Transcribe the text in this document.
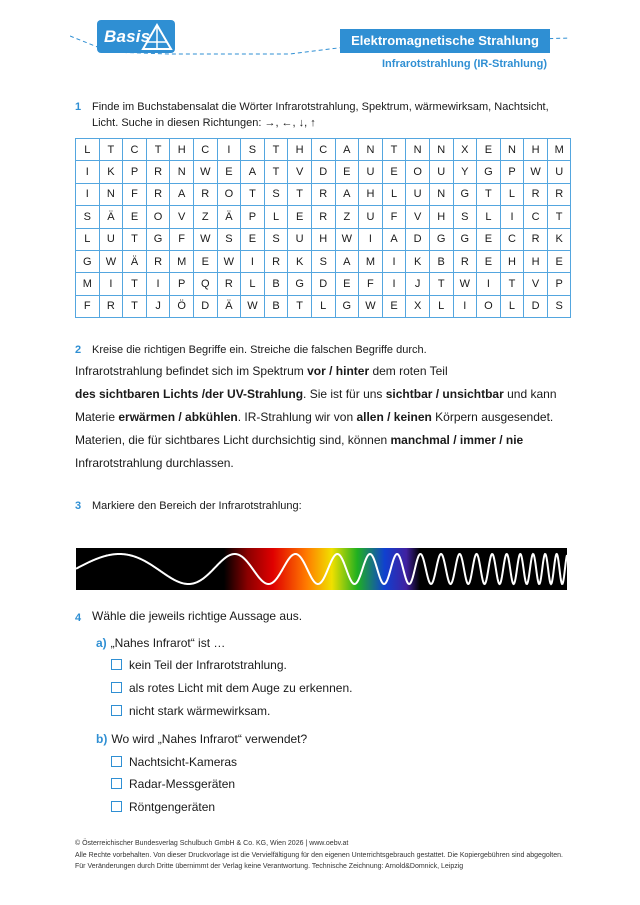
Basis	Elektromagnetische Strahlung
Infrarotstrahlung (IR-Strahlung)
1 Finde im Buchstabensalat die Wörter Infrarotstrahlung, Spektrum, wärmewirksam, Nachtsicht,
Licht. Suche in diesen Richtungen: →, ←, ↓, ↑
L	T	C	T	H	C	I	S	T	H	C	A	N	T	N	N	X	E	N	H	M
I	K	P	R	N	W	E	A	T	V	D	E	U	E	O	U	Y	G	P	W	U
I	N	F	R	A	R	O	T	S	T	R	A	H	L	U	N	G	T	L	R	R
S	Ä	E	O	V	Z	Ä	P	L	E	R	Z	U	F	V	H	S	L	I	C	T
L	U	T	G	F	W	S	E	S	U	H	W	I	A	D	G	G	E	C	R	K
G	W	Ä	R	M	E	W	I	R	K	S	A	M	I	K	B	R	E	H	H	E
M	I	T	I	P	Q	R	L	B	G	D	E	F	I	J	T	W	I	T	V	P
F	R	T	J	Ö	D	Ä	W	B	T	L	G	W	E	X	L	I	O	L	D	S
2 Kreise die richtigen Begriffe ein. Streiche die falschen Begriffe durch.
Infrarotstrahlung befindet sich im Spektrum vor / hinter dem roten Teil
des sichtbaren Lichts /der UV-Strahlung. Sie ist für uns sichtbar / unsichtbar und kann
Materie erwärmen / abkühlen. IR-Strahlung wir von allen / keinen Körpern ausgesendet.
Materien, die für sichtbares Licht durchsichtig sind, können manchmal / immer / nie
Infrarotstrahlung durchlassen.
3 Markiere den Bereich der Infrarotstrahlung:
4 Wähle die jeweils richtige Aussage aus.
a) „Nahes Infrarot“ ist …
kein Teil der Infrarotstrahlung.
als rotes Licht mit dem Auge zu erkennen.
nicht stark wärmewirksam.
b) Wo wird „Nahes Infrarot“ verwendet?
Nachtsicht-Kameras
Radar-Messgeräten
Röntgengeräten
© Österreichischer Bundesverlag Schulbuch GmbH & Co. KG, Wien 2026 | www.oebv.at
Alle Rechte vorbehalten. Von dieser Druckvorlage ist die Vervielfältigung für den eigenen Unterrichtsgebrauch gestattet. Die Kopiergebühren sind abgegolten.
Für Veränderungen durch Dritte übernimmt der Verlag keine Verantwortung. Technische Zeichnung: Arnold&Domnick, Leipzig
